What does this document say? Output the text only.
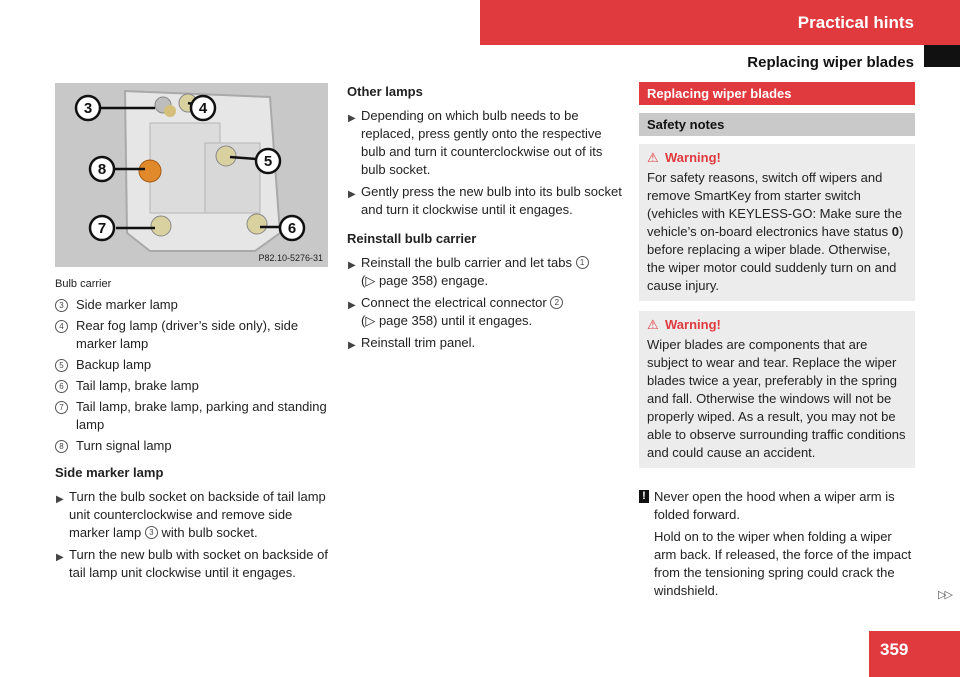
Practical hints
Replacing wiper blades
3	4
8	5
7	6
P82.10-5276-31
Bulb carrier
3 Side marker lamp
4 Rear fog lamp (driver’s side only), side marker lamp
5 Backup lamp
6 Tail lamp, brake lamp
7 Tail lamp, brake lamp, parking and standing lamp
8 Turn signal lamp
Side marker lamp
▶ Turn the bulb socket on backside of tail lamp unit counterclockwise and remove side marker lamp 3 with bulb socket.
▶ Turn the new bulb with socket on backside of tail lamp unit clockwise until it engages.
Other lamps
▶ Depending on which bulb needs to be replaced, press gently onto the respective bulb and turn it counterclockwise out of its bulb socket.
▶ Gently press the new bulb into its bulb socket and turn it clockwise until it engages.
Reinstall bulb carrier
▶ Reinstall the bulb carrier and let tabs 1
(▷ page 358) engage.
▶ Connect the electrical connector 2
(▷ page 358) until it engages.
▶ Reinstall trim panel.
Replacing wiper blades
Safety notes
⚠ Warning!
For safety reasons, switch off wipers and remove SmartKey from starter switch (vehicles with KEYLESS-GO: Make sure the vehicle’s on-board electronics have status 0) before replacing a wiper blade. Otherwise, the wiper motor could suddenly turn on and cause injury.
⚠ Warning!
Wiper blades are components that are subject to wear and tear. Replace the wiper blades twice a year, preferably in the spring and fall. Otherwise the windows will not be properly wiped. As a result, you may not be able to observe surrounding traffic conditions and could cause an accident.
! Never open the hood when a wiper arm is folded forward.

Hold on to the wiper when folding a wiper arm back. If released, the force of the impact from the tensioning spring could crack the windshield.	▷▷
359
